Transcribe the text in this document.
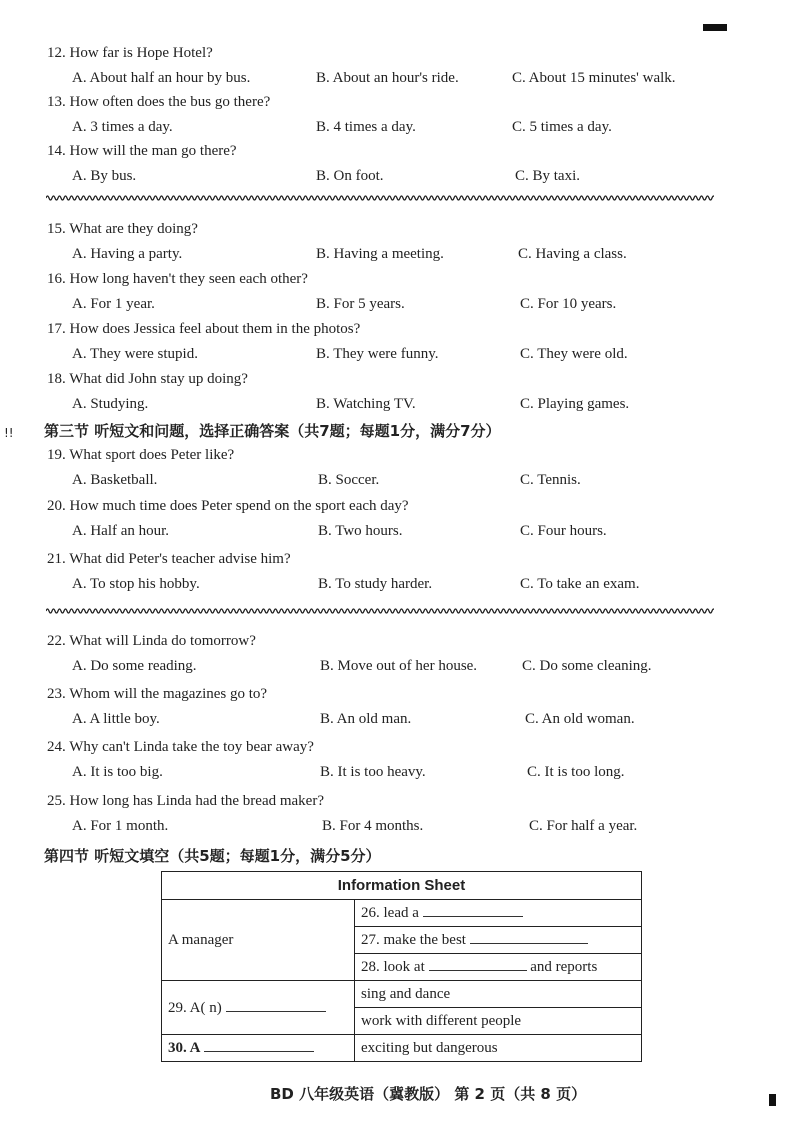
12. How far is Hope Hotel?
A. About half an hour by bus.	B. About an hour's ride.	C. About 15 minutes' walk.
13. How often does the bus go there?
A. 3 times a day.	B. 4 times a day.	C. 5 times a day.
14. How will the man go there?
A. By bus.	B. On foot.	C. By taxi.
15. What are they doing?
A. Having a party.	B. Having a meeting.	C. Having a class.
16. How long haven't they seen each other?
A. For 1 year.	B. For 5 years.	C. For 10 years.
17. How does Jessica feel about them in the photos?
A. They were stupid.	B. They were funny.	C. They were old.
18. What did John stay up doing?
A. Studying.	B. Watching TV.	C. Playing games.
19. What sport does Peter like?
A. Basketball.	B. Soccer.	C. Tennis.
20. How much time does Peter spend on the sport each day?
A. Half an hour.	B. Two hours.	C. Four hours.
21. What did Peter's teacher advise him?
A. To stop his hobby.	B. To study harder.	C. To take an exam.
22. What will Linda do tomorrow?
A. Do some reading.	B. Move out of her house.	C. Do some cleaning.
23. Whom will the magazines go to?
A. A little boy.	B. An old man.	C. An old woman.
24. Why can't Linda take the toy bear away?
A. It is too big.	B. It is too heavy.	C. It is too long.
25. How long has Linda had the bread maker?
A. For 1 month.	B. For 4 months.	C. For half a year.
!! 第三节 听短文和问题，选择正确答案（共7题；每题1分，满分7分）
第四节 听短文填空（共5题；每题1分，满分5分）
Information Sheet	
A manager	26. lead a
	27. make the best
	28. look at and reports
29. A( n)	sing and dance
	work with different people
30. A	exciting but dangerous
BD 八年级英语（冀教版） 第 2 页（共 8 页）
